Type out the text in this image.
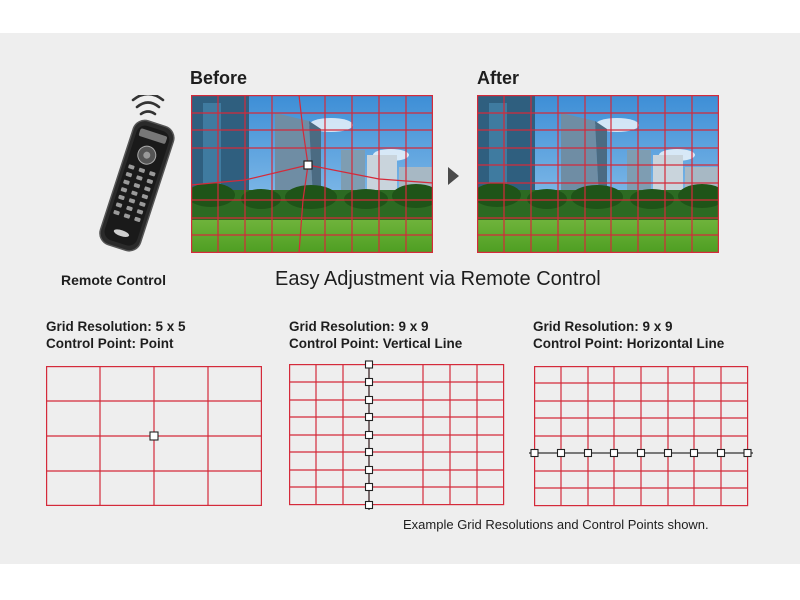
Before	After
Remote Control	Easy Adjustment via Remote Control
Grid Resolution: 5 x 5
Control Point: Point
Grid Resolution: 9 x 9
Control Point: Vertical Line
Grid Resolution: 9 x 9
Control Point: Horizontal Line
Example Grid Resolutions and Control Points shown.
